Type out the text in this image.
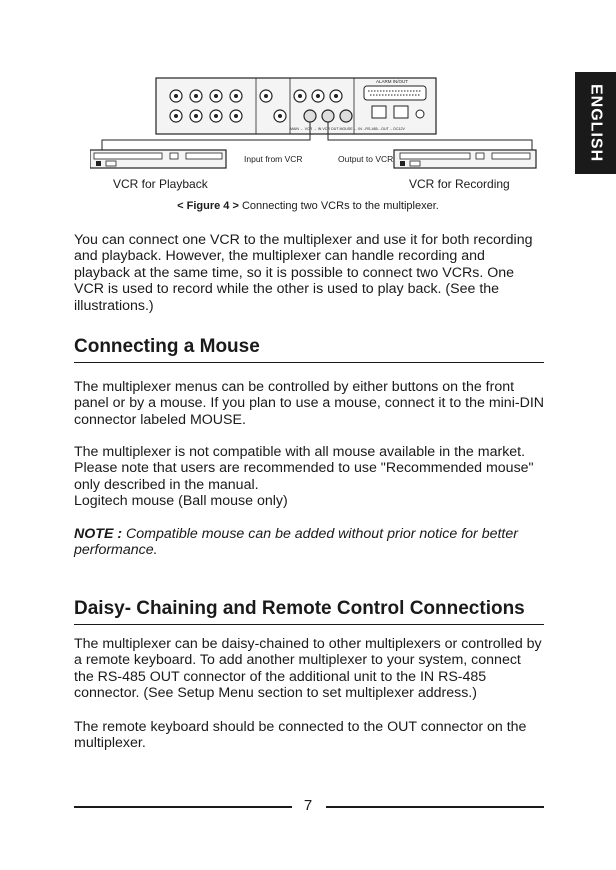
ENGLISH
ALARM IN/OUT
MAIN ← VCR → IN VCR OUT MOUSE ← IN→RS-485←OUT→ DC12V
Input from VCR	Output to VCR
VCR for Playback	VCR for Recording
< Figure 4 > Connecting two VCRs to the multiplexer.

You can connect one VCR to the multiplexer and use it for both recording and playback. However, the multiplexer can handle recording and playback at the same time, so it is possible to connect two VCRs. One VCR is used to record while the other is used to play back. (See the illustrations.)

Connecting a Mouse

The multiplexer menus can be controlled by either buttons on the front panel or by a mouse. If you plan to use a mouse, connect it to the mini-DIN connector labeled MOUSE.

The multiplexer is not compatible with all mouse available in the market. Please note that users are recommended to use "Recommended mouse" only described in the manual.
Logitech mouse (Ball mouse only)

NOTE : Compatible mouse can be added without prior notice for better performance.

Daisy- Chaining and Remote Control Connections

The multiplexer can be daisy-chained to other multiplexers or controlled by a remote keyboard. To add another multiplexer to your system, connect the RS-485 OUT connector of the additional unit to the IN RS-485 connector. (See Setup Menu section to set multiplexer address.)

The remote keyboard should be connected to the OUT connector on the multiplexer.

7
